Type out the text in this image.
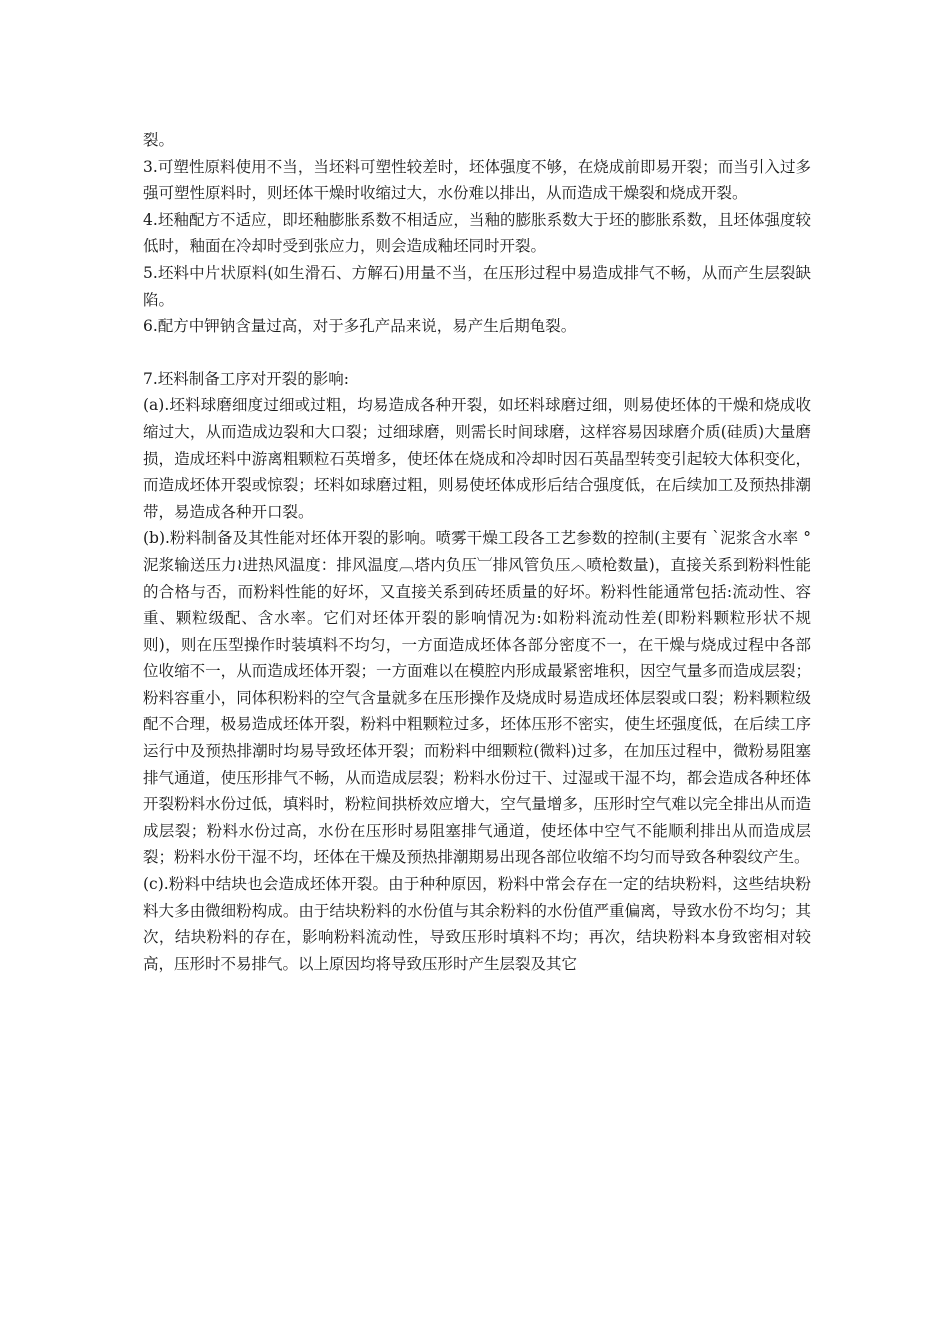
裂。

3.可塑性原料使用不当，当坯料可塑性较差时，坯体强度不够，在烧成前即易开裂；而当引入过多强可塑性原料时，则坯体干燥时收缩过大，水份难以排出，从而造成干燥裂和烧成开裂。

4.坯釉配方不适应，即坯釉膨胀系数不相适应，当釉的膨胀系数大于坯的膨胀系数，且坯体强度较低时，釉面在冷却时受到张应力，则会造成釉坯同时开裂。

5.坯料中片状原料(如生滑石、方解石)用量不当，在压形过程中易造成排气不畅，从而产生层裂缺陷。

6.配方中钾钠含量过高，对于多孔产品来说，易产生后期龟裂。

7.坯料制备工序对开裂的影响:

(a).坯料球磨细度过细或过粗，均易造成各种开裂，如坯料球磨过细，则易使坯体的干燥和烧成收缩过大，从而造成边裂和大口裂；过细球磨，则需长时间球磨，这样容易因球磨介质(硅质)大量磨损，造成坯料中游离粗颗粒石英增多，使坯体在烧成和冷却时因石英晶型转变引起较大体积变化，而造成坯体开裂或惊裂；坯料如球磨过粗，则易使坯体成形后结合强度低，在后续加工及预热排潮带，易造成各种开口裂。

(b).粉料制备及其性能对坯体开裂的影响。喷雾干燥工段各工艺参数的控制(主要有 ˋ泥浆含水率 °泥浆输送压力≀进热风温度：排风温度︹塔内负压︺排风管负压︿喷枪数量)，直接关系到粉料性能的合格与否，而粉料性能的好坏，又直接关系到砖坯质量的好坏。粉料性能通常包括:流动性、容重、颗粒级配、含水率。它们对坯体开裂的影响情况为:如粉料流动性差(即粉料颗粒形状不规则)，则在压型操作时装填料不均匀，一方面造成坯体各部分密度不一，在干燥与烧成过程中各部位收缩不一，从而造成坯体开裂；一方面难以在模腔内形成最紧密堆积，因空气量多而造成层裂；粉料容重小，同体积粉料的空气含量就多在压形操作及烧成时易造成坯体层裂或口裂；粉料颗粒级配不合理，极易造成坯体开裂，粉料中粗颗粒过多，坯体压形不密实，使生坯强度低，在后续工序运行中及预热排潮时均易导致坯体开裂；而粉料中细颗粒(微料)过多，在加压过程中，微粉易阻塞排气通道，使压形排气不畅，从而造成层裂；粉料水份过干、过湿或干湿不均，都会造成各种坯体开裂粉料水份过低，填料时，粉粒间拱桥效应增大，空气量增多，压形时空气难以完全排出从而造成层裂；粉料水份过高，水份在压形时易阻塞排气通道，使坯体中空气不能顺利排出从而造成层裂；粉料水份干湿不均，坯体在干燥及预热排潮期易出现各部位收缩不均匀而导致各种裂纹产生。

(c).粉料中结块也会造成坯体开裂。由于种种原因，粉料中常会存在一定的结块粉料，这些结块粉料大多由微细粉构成。由于结块粉料的水份值与其余粉料的水份值严重偏离，导致水份不均匀；其次，结块粉料的存在，影响粉料流动性，导致压形时填料不均；再次，结块粉料本身致密相对较高，压形时不易排气。以上原因均将导致压形时产生层裂及其它
